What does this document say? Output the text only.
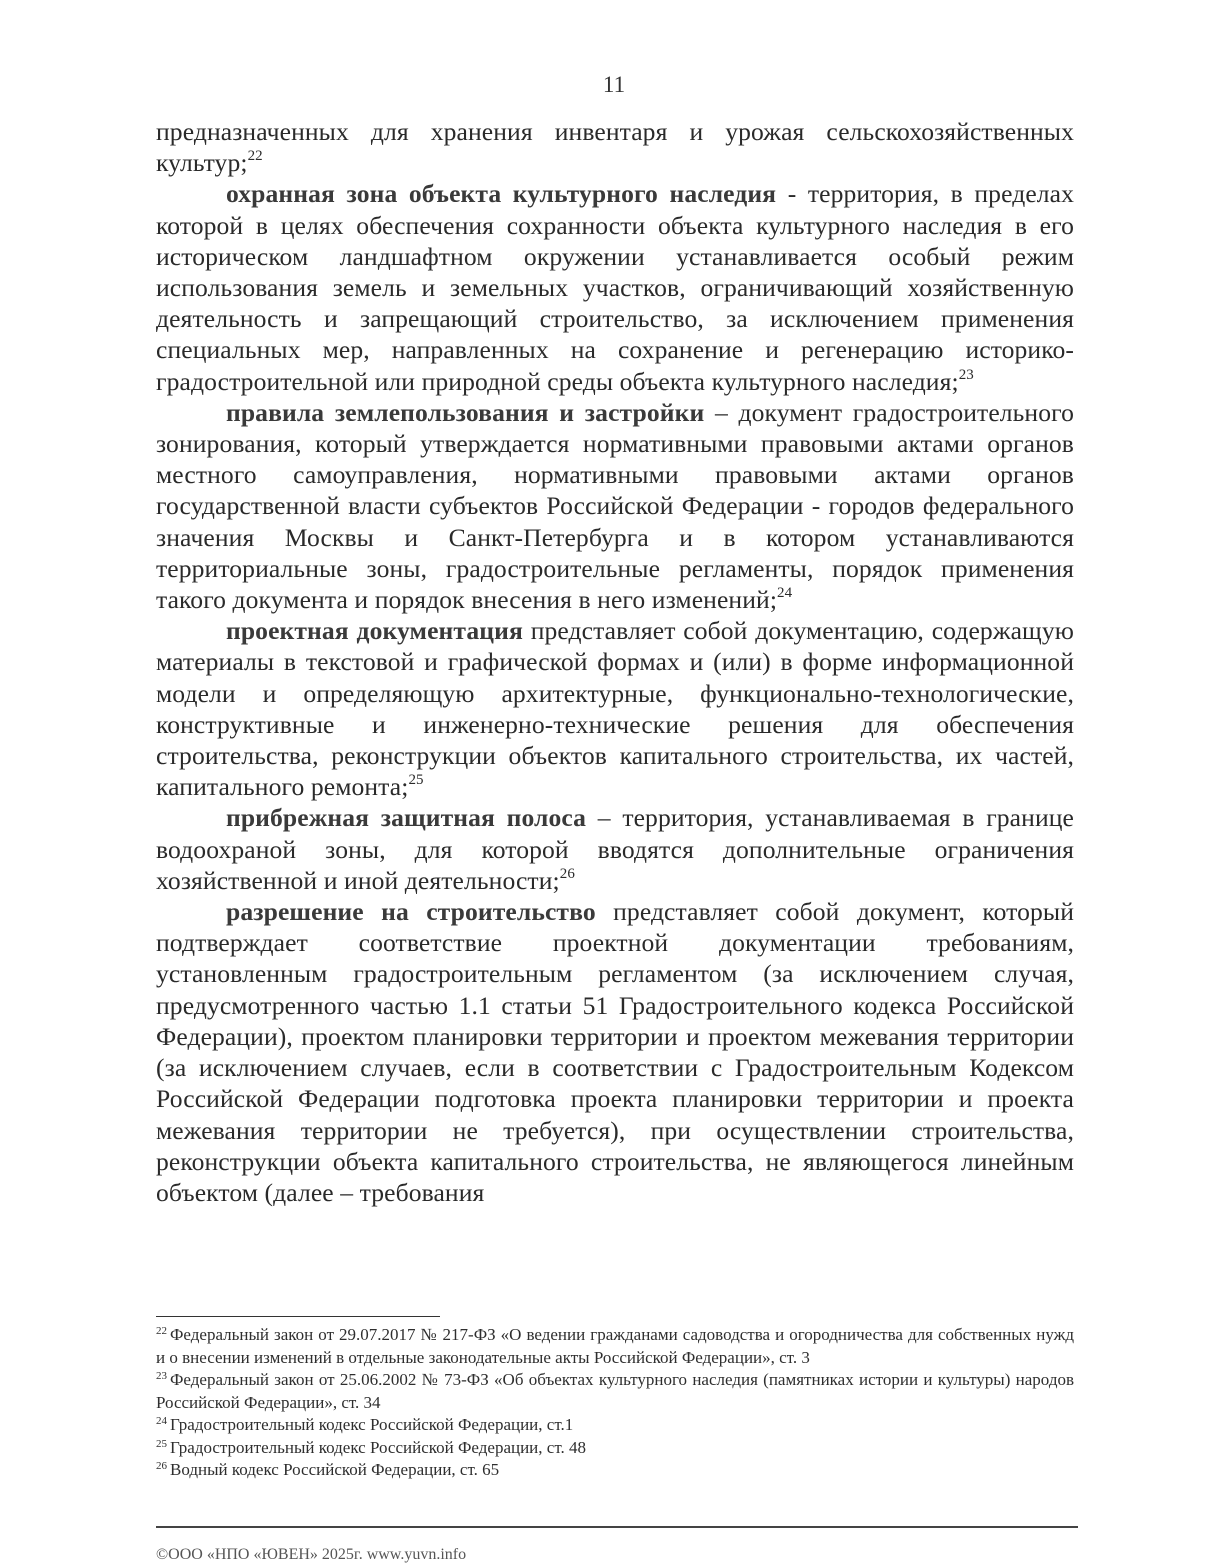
11

предназначенных для хранения инвентаря и урожая сельскохозяйственных культур;$^{22}$

охранная зона объекта культурного наследия - территория, в пределах которой в целях обеспечения сохранности объекта культурного наследия в его историческом ландшафтном окружении устанавливается особый режим использования земель и земельных участков, ограничивающий хозяйственную деятельность и запрещающий строительство, за исключением применения специальных мер, направленных на сохранение и регенерацию историко-градостроительной или природной среды объекта культурного наследия;$^{23}$

правила землепользования и застройки – документ градостроительного зонирования, который утверждается нормативными правовыми актами органов местного самоуправления, нормативными правовыми актами органов государственной власти субъектов Российской Федерации - городов федерального значения Москвы и Санкт-Петербурга и в котором устанавливаются территориальные зоны, градостроительные регламенты, порядок применения такого документа и порядок внесения в него изменений;$^{24}$

проектная документация представляет собой документацию, содержащую материалы в текстовой и графической формах и (или) в форме информационной модели и определяющую архитектурные, функционально-технологические, конструктивные и инженерно-технические решения для обеспечения строительства, реконструкции объектов капитального строительства, их частей, капитального ремонта;$^{25}$

прибрежная защитная полоса – территория, устанавливаемая в границе водоохраной зоны, для которой вводятся дополнительные ограничения хозяйственной и иной деятельности;$^{26}$

разрешение на строительство представляет собой документ, который подтверждает соответствие проектной документации требованиям, установленным градостроительным регламентом (за исключением случая, предусмотренного частью 1.1 статьи 51 Градостроительного кодекса Российской Федерации), проектом планировки территории и проектом межевания территории (за исключением случаев, если в соответствии с Градостроительным Кодексом Российской Федерации подготовка проекта планировки территории и проекта межевания территории не требуется), при осуществлении строительства, реконструкции объекта капитального строительства, не являющегося линейным объектом (далее – требования

$^{22}$ Федеральный закон от 29.07.2017 № 217-ФЗ «О ведении гражданами садоводства и огородничества для собственных нужд и о внесении изменений в отдельные законодательные акты Российской Федерации», ст. 3

$^{23}$ Федеральный закон от 25.06.2002 № 73-ФЗ «Об объектах культурного наследия (памятниках истории и культуры) народов Российской Федерации», ст. 34

$^{24}$ Градостроительный кодекс Российской Федерации, ст.1

$^{25}$ Градостроительный кодекс Российской Федерации, ст. 48

$^{26}$ Водный кодекс Российской Федерации, ст. 65

©ООО «НПО «ЮВЕН» 2025г. www.yuvn.info
